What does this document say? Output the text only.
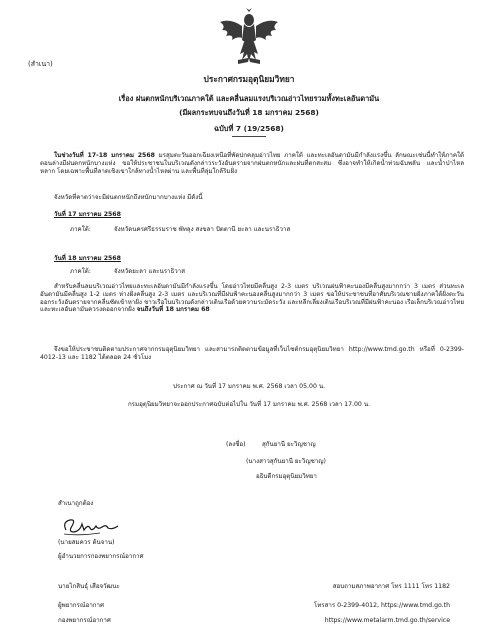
(สำเนา)
ประกาศกรมอุตุนิยมวิทยา
เรื่อง ฝนตกหนักบริเวณภาคใต้ และคลื่นลมแรงบริเวณอ่าวไทยรวมทั้งทะเลอันดามัน
(มีผลกระทบจนถึงวันที่ 18 มกราคม 2568)
ฉบับที่ 7 (19/2568)
ในช่วงวันที่ 17-18 มกราคม 2568 มรสุมตะวันออกเฉียงเหนือที่พัดปกคลุมอ่าวไทย ภาคใต้ และทะเลอันดามันมีกำลังแรงขึ้น ลักษณะเช่นนี้ทำให้ภาคใต้ตอนล่างมีฝนตกหนักบางแห่ง ขอให้ประชาชนในบริเวณดังกล่าวระวังอันตรายจากฝนตกหนักและฝนที่ตกสะสม ซึ่งอาจทำให้เกิดน้ำท่วมฉับพลัน และน้ำป่าไหลหลาก โดยเฉพาะพื้นที่ลาดเชิงเขาใกล้ทางน้ำไหลผ่าน และพื้นที่ลุ่มใกล้ริมฝั่ง
จังหวัดที่คาดว่าจะมีฝนตกหนักถึงหนักมากบางแห่ง มีดังนี้
วันที่ 17 มกราคม 2568
ภาคใต้:	จังหวัดนครศรีธรรมราช พัทลุง สงขลา ปัตตานี ยะลา และนราธิวาส
วันที่ 18 มกราคม 2568
ภาคใต้:	จังหวัดยะลา และนราธิวาส
สำหรับคลื่นลมบริเวณอ่าวไทยและทะเลอันดามันมีกำลังแรงขึ้น โดยอ่าวไทยมีคลื่นสูง 2-3 เมตร บริเวณฝนฟ้าคะนองมีคลื่นสูงมากกว่า 3 เมตร ส่วนทะเลอันดามันมีคลื่นสูง 1-2 เมตร ห่างฝั่งคลื่นสูง 2-3 เมตร และบริเวณที่มีฝนฟ้าคะนองคลื่นสูงมากกว่า 3 เมตร ขอให้ประชาชนที่อาศัยบริเวณชายฝั่งภาคใต้ฝั่งตะวันออกระวังอันตรายจากคลื่นซัดเข้าหาฝั่ง ชาวเรือในบริเวณดังกล่าวเดินเรือด้วยความระมัดระวัง และหลีกเลี่ยงเดินเรือบริเวณที่มีฝนฟ้าคะนอง เรือเล็กบริเวณอ่าวไทยและทะเลอันดามันควรงดออกจากฝั่ง จนถึงวันที่ 18 มกราคม 68
จึงขอให้ประชาชนติดตามประกาศจากกรมอุตุนิยมวิทยา และสามารถติดตามข้อมูลที่เว็บไซต์กรมอุตุนิยมวิทยา http://www.tmd.go.th หรือที่ 0-2399-4012-13 และ 1182 ได้ตลอด 24 ชั่วโมง
ประกาศ ณ วันที่ 17 มกราคม พ.ศ. 2568 เวลา 05.00 น.
กรมอุตุนิยมวิทยาจะออกประกาศฉบับต่อไปใน วันที่ 17 มกราคม พ.ศ. 2568 เวลา 17.00 น.
(ลงชื่อ)	สุกันยานี ยะวิญชาญ
(นางสาวสุกันยานี ยะวิญชาญ)
อธิบดีกรมอุตุนิยมวิทยา
สำเนาถูกต้อง
(นายสมควร ต้นจาน)
ผู้อำนวยการกองพยากรณ์อากาศ
นายไกสินธุ์ เสือจวัฒนะ
ผู้พยากรณ์อากาศ
กองพยากรณ์อากาศ
สอบถามสภาพอากาศ โทร 1111 โทร 1182
โทรสาร 0-2399-4012, https://www.tmd.go.th
https://www.metalarm.tmd.go.th/service
